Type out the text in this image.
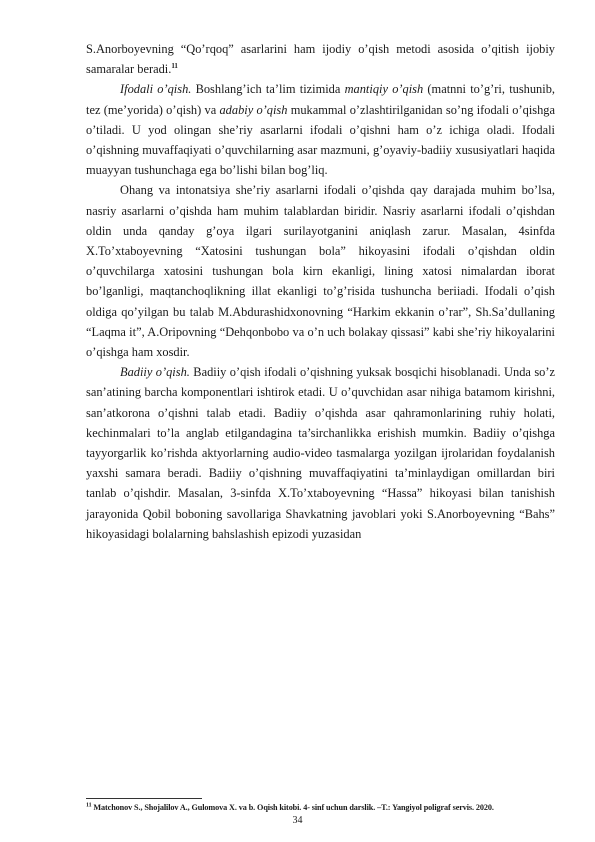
S.Anorboyevning “Qo’rqoq” asarlarini ham ijodiy o’qish metodi asosida o’qitish ijobiy samaralar beradi.$^{11}$

Ifodali o’qish. Boshlang’ich ta’lim tizimida mantiqiy o’qish (matnni to’g’ri, tushunib, tez (me’yorida) o’qish) va adabiy o’qish mukammal o’zlashtirilganidan so’ng ifodali o’qishga o’tiladi. U yod olingan she’riy asarlarni ifodali o’qishni ham o’z ichiga oladi. Ifodali o’qishning muvaffaqiyati o’quvchilarning asar mazmuni, g’oyaviy-badiiy xususiyatlari haqida muayyan tushunchaga ega bo’lishi bilan bog’liq.

Ohang va intonatsiya she’riy asarlarni ifodali o’qishda qay darajada muhim bo’lsa, nasriy asarlarni o’qishda ham muhim talablardan biridir. Nasriy asarlarni ifodali o’qishdan oldin unda qanday g’oya ilgari surilayotganini aniqlash zarur. Masalan, 4sinfda X.To’xtaboyevning “Xatosini tushungan bola” hikoyasini ifodali o’qishdan oldin o’quvchilarga xatosini tushungan bola kirn ekanligi, lining xatosi nimalardan iborat bo’lganligi, maqtanchoqlikning illat ekanligi to’g’risida tushuncha beriiadi. Ifodali o’qish oldiga qo’yilgan bu talab M.Abdurashidxonovning “Harkim ekkanin o’rar”, Sh.Sa’dullaning “Laqma it”, A.Oripovning “Dehqonbobo va o’n uch bolakay qissasi” kabi she’riy hikoyalarini o’qishga ham xosdir.

Badiiy o’qish. Badiiy o’qish ifodali o’qishning yuksak bosqichi hisoblanadi. Unda so’z san’atining barcha komponentlari ishtirok etadi. U o’quvchidan asar nihiga batamom kirishni, san’atkorona o’qishni talab etadi. Badiiy o’qishda asar qahramonlarining ruhiy holati, kechinmalari to’la anglab etilgandagina ta’sirchanlikka erishish mumkin. Badiiy o’qishga tayyorgarlik ko’rishda aktyorlarning audio-video tasmalarga yozilgan ijrolaridan foydalanish yaxshi samara beradi. Badiiy o’qishning muvaffaqiyatini ta’minlaydigan omillardan biri tanlab o’qishdir. Masalan, 3-sinfda X.To’xtaboyevning “Hassa” hikoyasi bilan tanishish jarayonida Qobil boboning savollariga Shavkatning javoblari yoki S.Anorboyevning “Bahs” hikoyasidagi bolalarning bahslashish epizodi yuzasidan

$^{11}$ Matchonov S., Shojalilov A., Gulomova X. va b. Oqish kitobi. 4- sinf uchun darslik. –T.: Yangiyol poligraf servis. 2020.

34
